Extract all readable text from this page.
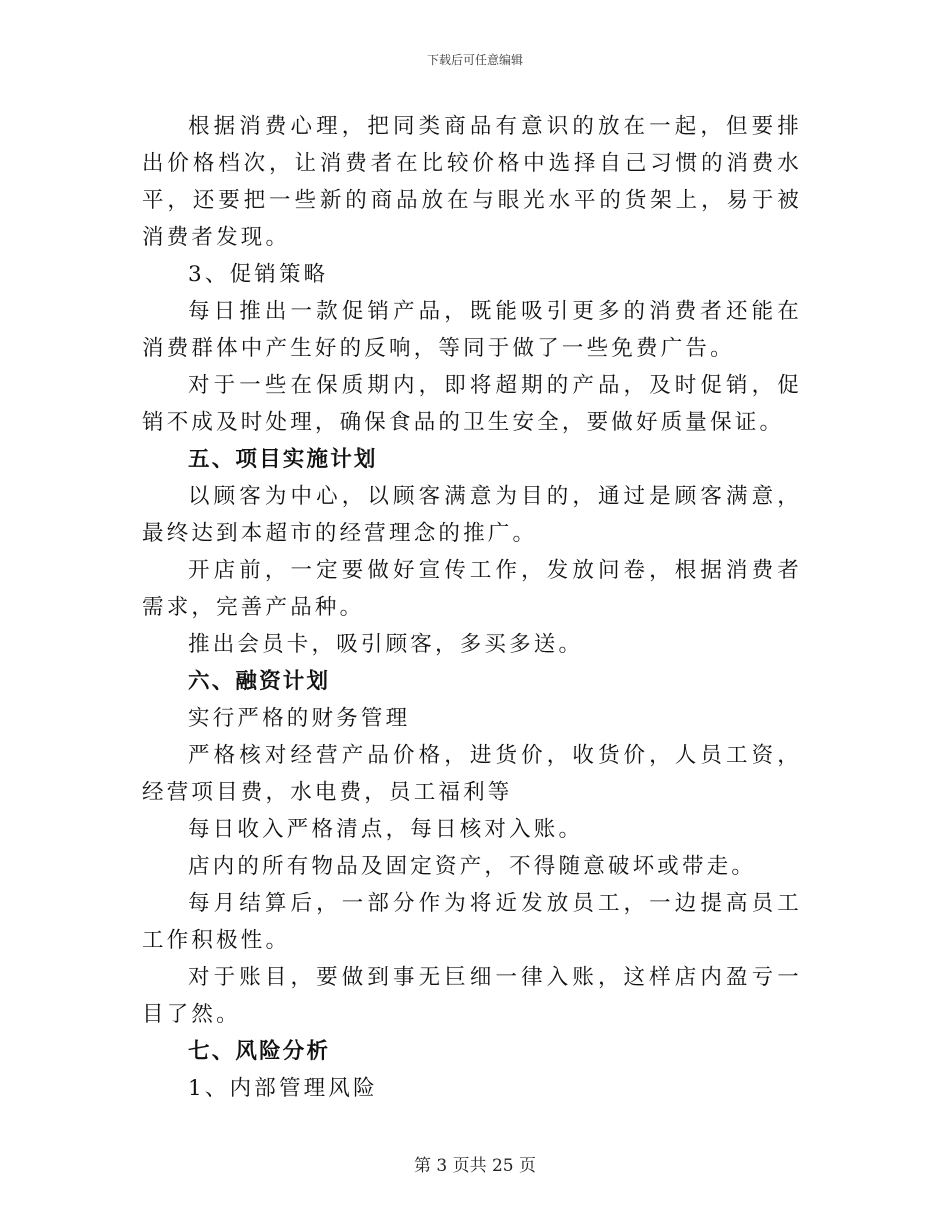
下载后可任意编辑

根据消费心理，把同类商品有意识的放在一起，但要排出价格档次，让消费者在比较价格中选择自己习惯的消费水平，还要把一些新的商品放在与眼光水平的货架上，易于被消费者发现。

3、促销策略

每日推出一款促销产品，既能吸引更多的消费者还能在消费群体中产生好的反响，等同于做了一些免费广告。

对于一些在保质期内，即将超期的产品，及时促销，促销不成及时处理，确保食品的卫生安全，要做好质量保证。

五、项目实施计划

以顾客为中心，以顾客满意为目的，通过是顾客满意，最终达到本超市的经营理念的推广。

开店前，一定要做好宣传工作，发放问卷，根据消费者需求，完善产品种。

推出会员卡，吸引顾客，多买多送。

六、融资计划

实行严格的财务管理

严格核对经营产品价格，进货价，收货价，人员工资，经营项目费，水电费，员工福利等

每日收入严格清点，每日核对入账。

店内的所有物品及固定资产，不得随意破坏或带走。

每月结算后，一部分作为将近发放员工，一边提高员工工作积极性。

对于账目，要做到事无巨细一律入账，这样店内盈亏一目了然。

七、风险分析

1、内部管理风险

第 3 页共 25 页
